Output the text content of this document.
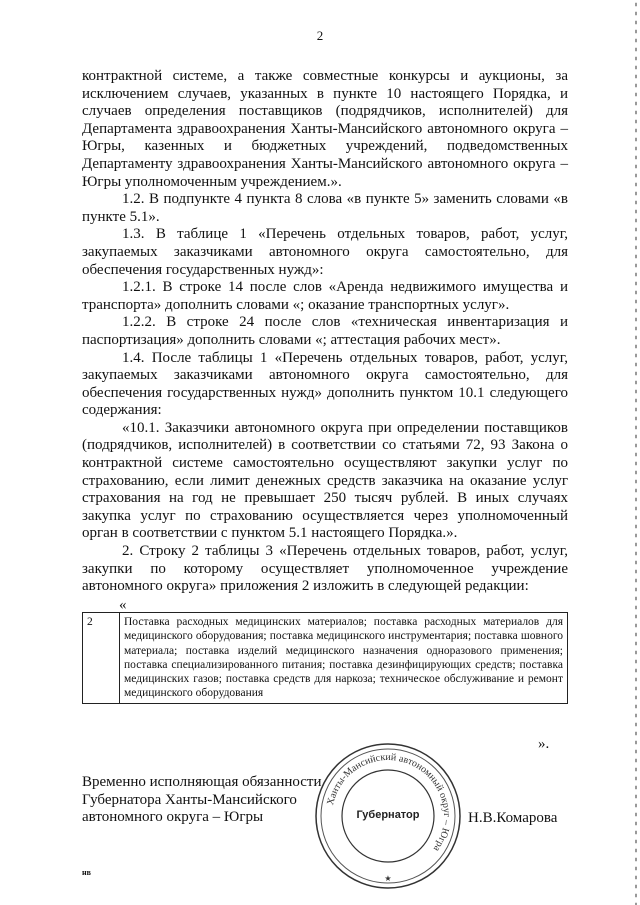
2

контрактной системе, а также совместные конкурсы и аукционы, за исключением случаев, указанных в пункте 10 настоящего Порядка, и случаев определения поставщиков (подрядчиков, исполнителей) для Департамента здравоохранения Ханты-Мансийского автономного округа – Югры, казенных и бюджетных учреждений, подведомственных Департаменту здравоохранения Ханты-Мансийского автономного округа – Югры уполномоченным учреждением.».

1.2. В подпункте 4 пункта 8 слова «в пункте 5» заменить словами «в пункте 5.1».

1.3. В таблице 1 «Перечень отдельных товаров, работ, услуг, закупаемых заказчиками автономного округа самостоятельно, для обеспечения государственных нужд»:

1.2.1. В строке 14 после слов «Аренда недвижимого имущества и транспорта» дополнить словами «; оказание транспортных услуг».

1.2.2. В строке 24 после слов «техническая инвентаризация и паспортизация» дополнить словами «; аттестация рабочих мест».

1.4. После таблицы 1 «Перечень отдельных товаров, работ, услуг, закупаемых заказчиками автономного округа самостоятельно, для обеспечения государственных нужд» дополнить пунктом 10.1 следующего содержания:

«10.1. Заказчики автономного округа при определении поставщиков (подрядчиков, исполнителей) в соответствии со статьями 72, 93 Закона о контрактной системе самостоятельно осуществляют закупки услуг по страхованию, если лимит денежных средств заказчика на оказание услуг страхования на год не превышает 250 тысяч рублей. В иных случаях закупка услуг по страхованию осуществляется через уполномоченный орган в соответствии с пунктом 5.1 настоящего Порядка.».

2. Строку 2 таблицы 3 «Перечень отдельных товаров, работ, услуг, закупки по которому осуществляет уполномоченное учреждение автономного округа» приложения 2 изложить в следующей редакции:

«
2	Поставка расходных медицинских материалов; поставка расходных материалов для медицинского оборудования; поставка медицинского инструментария; поставка шовного материала; поставка изделий медицинского назначения одноразового применения; поставка специализированного питания; поставка дезинфицирующих средств; поставка медицинских газов; поставка средств для наркоза; техническое обслуживание и ремонт медицинского оборудования
».
Временно исполняющая обязанности
Губернатора Ханты-Мансийского
автономного округа – Югры
Ханты-Мансийский автономный округ – Югра
Губернатор
★
Н.В.Комарова
нв
